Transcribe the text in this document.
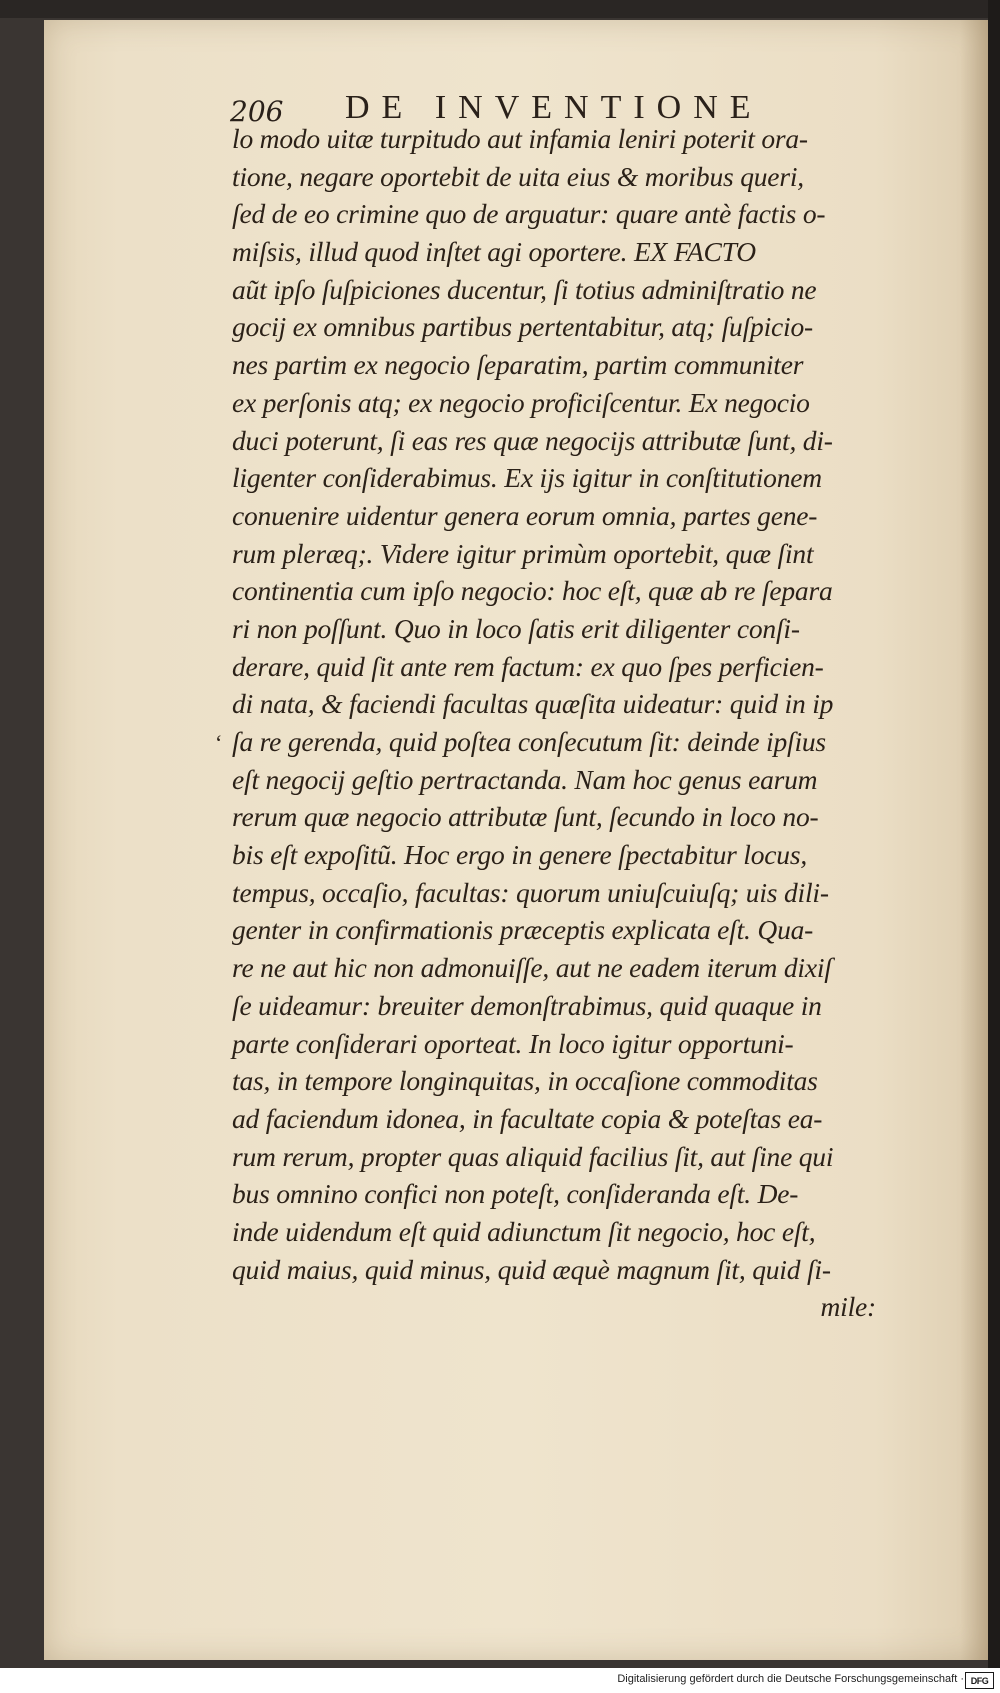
206 DE INVENTIONE
‘
lo modo uitæ turpitudo aut infamia leniri poterit ora-
tione, negare oportebit de uita eius & moribus queri,
ſed de eo crimine quo de arguatur: quare antè factis o-
miſsis, illud quod inſtet agi oportere. EX FACTO
aũt ipſo ſuſpiciones ducentur, ſi totius adminiſtratio ne
gocij ex omnibus partibus pertentabitur, atq; ſuſpicio-
nes partim ex negocio ſeparatim, partim communiter
ex perſonis atq; ex negocio proficiſcentur. Ex negocio
duci poterunt, ſi eas res quæ negocijs attributæ ſunt, di-
ligenter conſiderabimus. Ex ijs igitur in conſtitutionem
conuenire uidentur genera eorum omnia, partes gene-
rum pleræq;. Videre igitur primùm oportebit, quæ ſint
continentia cum ipſo negocio: hoc eſt, quæ ab re ſepara
ri non poſſunt. Quo in loco ſatis erit diligenter conſi-
derare, quid ſit ante rem factum: ex quo ſpes perficien-
di nata, & faciendi facultas quæſita uideatur: quid in ip
ſa re gerenda, quid poſtea conſecutum ſit: deinde ipſius
eſt negocij geſtio pertractanda. Nam hoc genus earum
rerum quæ negocio attributæ ſunt, ſecundo in loco no-
bis eſt expoſitũ. Hoc ergo in genere ſpectabitur locus,
tempus, occaſio, facultas: quorum uniuſcuiuſq; uis dili-
genter in confirmationis præceptis explicata eſt. Qua-
re ne aut hic non admonuiſſe, aut ne eadem iterum dixiſ
ſe uideamur: breuiter demonſtrabimus, quid quaque in
parte conſiderari oporteat. In loco igitur opportuni-
tas, in tempore longinquitas, in occaſione commoditas
ad faciendum idonea, in facultate copia & poteſtas ea-
rum rerum, propter quas aliquid facilius ſit, aut ſine qui
bus omnino confici non poteſt, conſideranda eſt. De-
inde uidendum eſt quid adiunctum ſit negocio, hoc eſt,
quid maius, quid minus, quid æquè magnum ſit, quid ſi-
mile:
Digitalisierung gefördert durch die Deutsche Forschungsgemeinschaft · DFG
